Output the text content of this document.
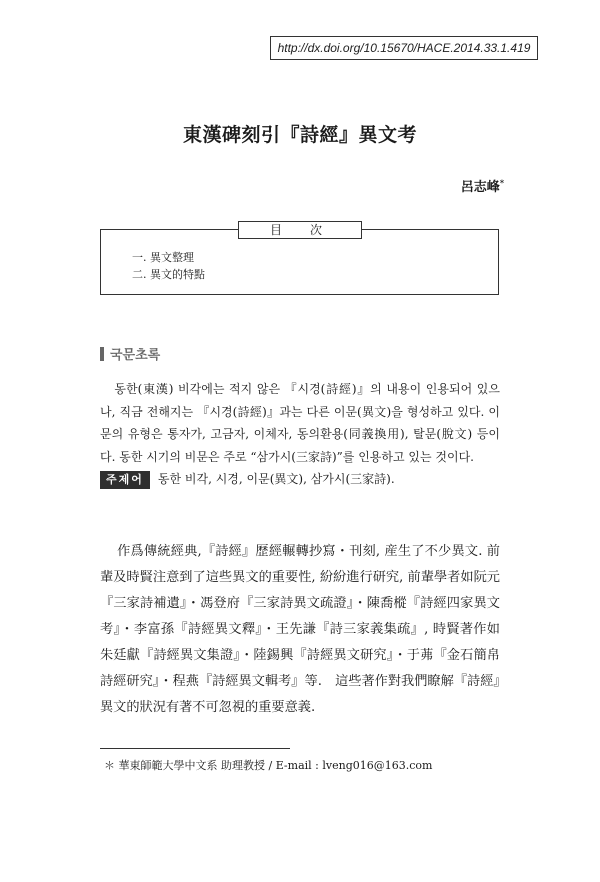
http://dx.doi.org/10.15670/HACE.2014.33.1.419
東漢碑刻引『詩經』異文考
呂志峰*
目　次
一. 異文整理
二. 異文的特點
국문초록
동한(東漢) 비각에는 적지 않은 『시경(詩經)』의 내용이 인용되어 있으나, 직금 전해지는 『시경(詩經)』과는 다른 이문(異文)을 형성하고 있다. 이문의 유형은 통자가, 고금자, 이체자, 동의환용(同義換用), 탈문(脫文) 등이다. 동한 시기의 비문은 주로 “삼가시(三家詩)”를 인용하고 있는 것이다.
주제어 동한 비각, 시경, 이문(異文), 삼가시(三家詩).
作爲傳統經典,『詩經』歷經輾轉抄寫・刊刻, 産生了不少異文. 前輩及時賢注意到了這些異文的重要性, 紛紛進行研究, 前輩學者如阮元『三家詩補遺』・馮登府『三家詩異文疏證』・陳喬樅『詩經四家異文考』・李富孫『詩經異文釋』・王先謙『詩三家義集疏』, 時賢著作如朱廷獻『詩經異文集證』・陸錫興『詩經異文研究』・于茀『金石簡帛詩經研究』・程燕『詩經異文輯考』等.　這些著作對我們瞭解『詩經』異文的狀況有著不可忽視的重要意義.
＊ 華東師範大學中文系 助理教授 / E-mail : lveng016@163.com
